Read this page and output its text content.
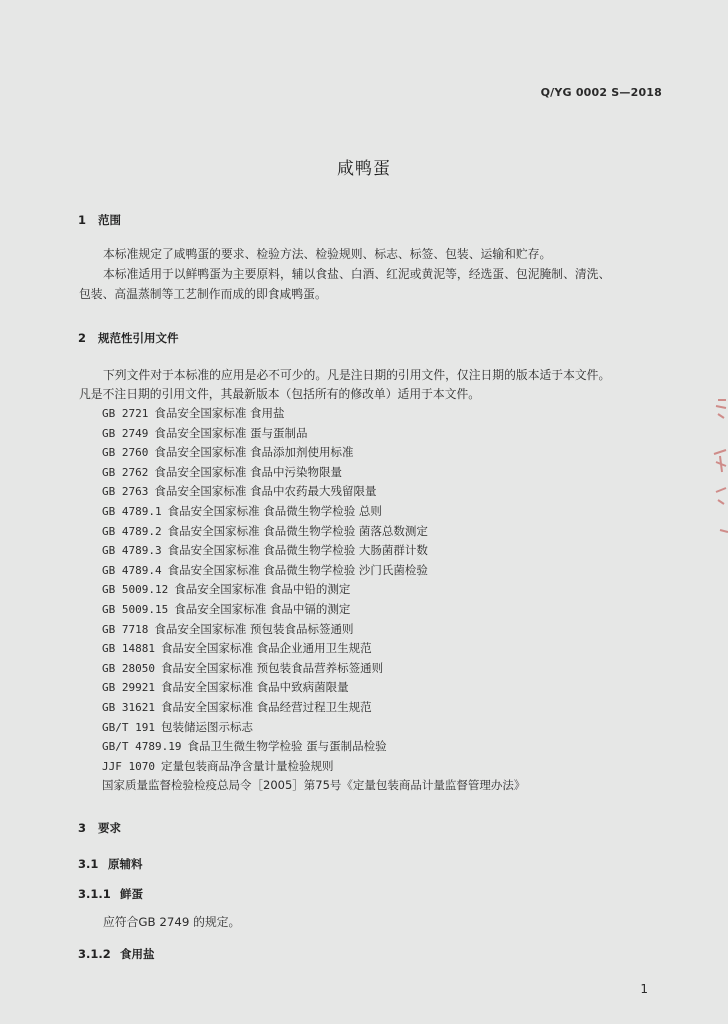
Q/YG 0002 S—2018
咸鸭蛋
1 范围
本标准规定了咸鸭蛋的要求、检验方法、检验规则、标志、标签、包装、运输和贮存。
本标准适用于以鲜鸭蛋为主要原料，辅以食盐、白酒、红泥或黄泥等，经选蛋、包泥腌制、清洗、
包装、高温蒸制等工艺制作而成的即食咸鸭蛋。
2 规范性引用文件
下列文件对于本标准的应用是必不可少的。凡是注日期的引用文件，仅注日期的版本适于本文件。
凡是不注日期的引用文件，其最新版本（包括所有的修改单）适用于本文件。
GB 2721 食品安全国家标准 食用盐
GB 2749 食品安全国家标准 蛋与蛋制品
GB 2760 食品安全国家标准 食品添加剂使用标准
GB 2762 食品安全国家标准 食品中污染物限量
GB 2763 食品安全国家标准 食品中农药最大残留限量
GB 4789.1 食品安全国家标准 食品微生物学检验 总则
GB 4789.2 食品安全国家标准 食品微生物学检验 菌落总数测定
GB 4789.3 食品安全国家标准 食品微生物学检验 大肠菌群计数
GB 4789.4 食品安全国家标准 食品微生物学检验 沙门氏菌检验
GB 5009.12 食品安全国家标准 食品中铅的测定
GB 5009.15 食品安全国家标准 食品中镉的测定
GB 7718 食品安全国家标准 预包装食品标签通则
GB 14881 食品安全国家标准 食品企业通用卫生规范
GB 28050 食品安全国家标准 预包装食品营养标签通则
GB 29921 食品安全国家标准 食品中致病菌限量
GB 31621 食品安全国家标准 食品经营过程卫生规范
GB/T 191 包装储运图示标志
GB/T 4789.19 食品卫生微生物学检验 蛋与蛋制品检验
JJF 1070 定量包装商品净含量计量检验规则
国家质量监督检验检疫总局令［2005］第75号《定量包装商品计量监督管理办法》
3 要求
3.1 原辅料
3.1.1 鲜蛋
应符合GB 2749 的规定。
3.1.2 食用盐
1
